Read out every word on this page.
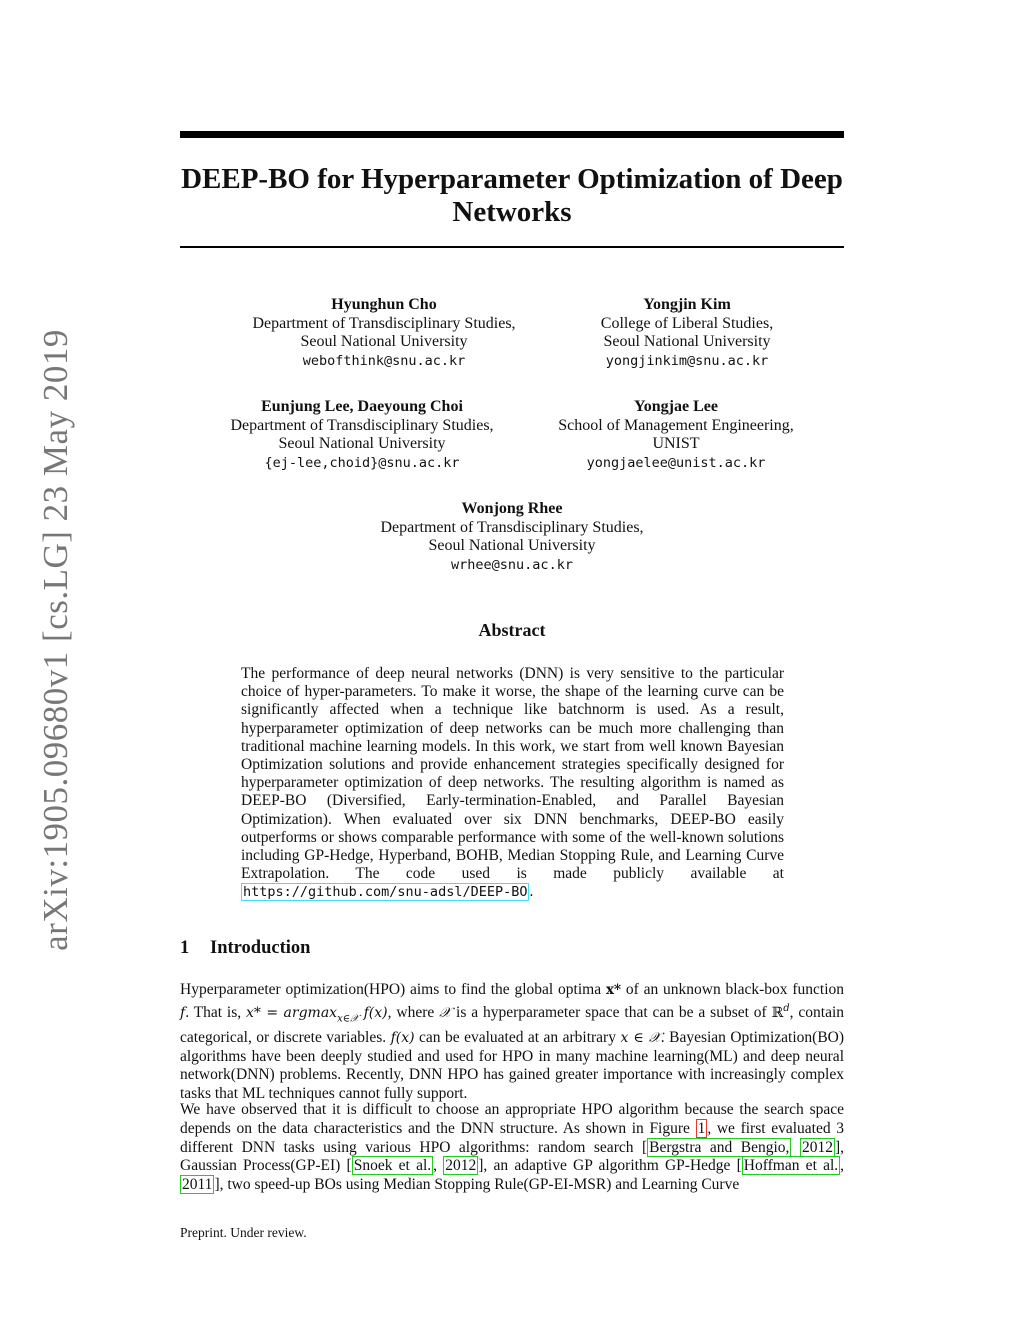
arXiv:1905.09680v1 [cs.LG] 23 May 2019
DEEP-BO for Hyperparameter Optimization of Deep Networks
Hyunghun Cho
Department of Transdisciplinary Studies,
Seoul National University
webofthink@snu.ac.kr
Yongjin Kim
College of Liberal Studies,
Seoul National University
yongjinkim@snu.ac.kr
Eunjung Lee, Daeyoung Choi
Department of Transdisciplinary Studies,
Seoul National University
{ej-lee,choid}@snu.ac.kr
Yongjae Lee
School of Management Engineering,
UNIST
yongjaelee@unist.ac.kr
Wonjong Rhee
Department of Transdisciplinary Studies,
Seoul National University
wrhee@snu.ac.kr
Abstract

The performance of deep neural networks (DNN) is very sensitive to the particular choice of hyper-parameters. To make it worse, the shape of the learning curve can be significantly affected when a technique like batchnorm is used. As a result, hyperparameter optimization of deep networks can be much more challenging than traditional machine learning models. In this work, we start from well known Bayesian Optimization solutions and provide enhancement strategies specifically designed for hyperparameter optimization of deep networks. The resulting algorithm is named as DEEP-BO (Diversified, Early-termination-Enabled, and Parallel Bayesian Optimization). When evaluated over six DNN benchmarks, DEEP-BO easily outperforms or shows comparable performance with some of the well-known solutions including GP-Hedge, Hyperband, BOHB, Median Stopping Rule, and Learning Curve Extrapolation. The code used is made publicly available at https://github.com/snu-adsl/DEEP-BO .

1 Introduction

Hyperparameter optimization(HPO) aims to find the global optima x* of an unknown black-box function f. That is, x* = argmax$_{x\in 𝒳}$ f(x), where 𝒳 is a hyperparameter space that can be a subset of ℝ$^d$, contain categorical, or discrete variables. f(x) can be evaluated at an arbitrary x ∈ 𝒳. Bayesian Optimization(BO) algorithms have been deeply studied and used for HPO in many machine learning(ML) and deep neural network(DNN) problems. Recently, DNN HPO has gained greater importance with increasingly complex tasks that ML techniques cannot fully support.

We have observed that it is difficult to choose an appropriate HPO algorithm because the search space depends on the data characteristics and the DNN structure. As shown in Figure 1 , we first evaluated 3 different DNN tasks using various HPO algorithms: random search [ Bergstra and Bengio, 2012 ], Gaussian Process(GP-EI) [ Snoek et al. , 2012 ], an adaptive GP algorithm GP-Hedge [ Hoffman et al. , 2011 ], two speed-up BOs using Median Stopping Rule(GP-EI-MSR) and Learning Curve

Preprint. Under review.
